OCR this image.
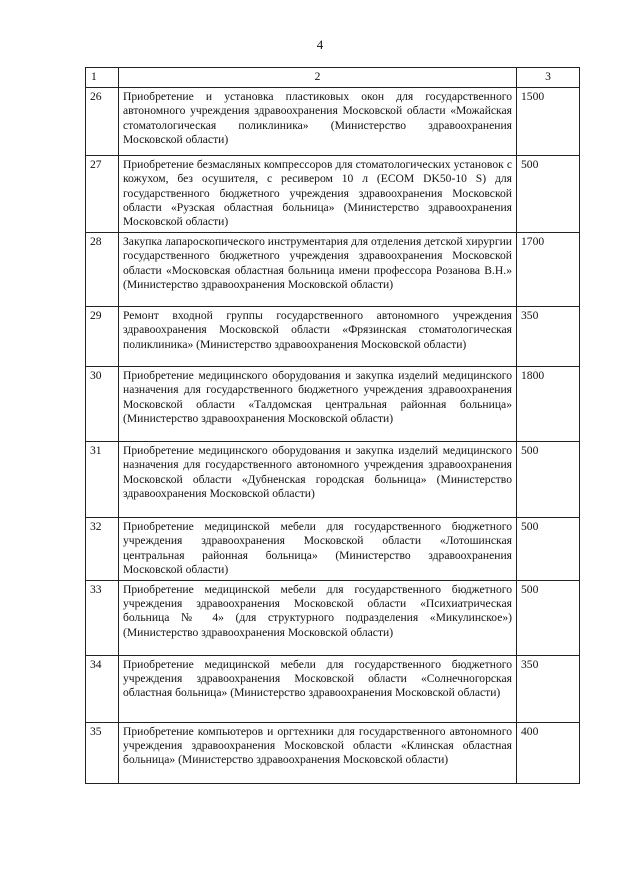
4
1	2	3
26	Приобретение и установка пластиковых окон для государственного автономного учреждения здравоохранения Московской области «Можайская стоматологическая поликлиника» (Министерство здравоохранения Московской области)	1500
27	Приобретение безмасляных компрессоров для стоматологических установок с кожухом, без осушителя, с ресивером 10 л (ECOM DK50-10 S) для государственного бюджетного учреждения здравоохранения Московской области «Рузская областная больница» (Министерство здравоохранения Московской области)	500
28	Закупка лапароскопического инструментария для отделения детской хирургии государственного бюджетного учреждения здравоохранения Московской области «Московская областная больница имени профессора Розанова В.Н.» (Министерство здравоохранения Московской области)	1700
29	Ремонт входной группы государственного автономного учреждения здравоохранения Московской области «Фрязинская стоматологическая поликлиника» (Министерство здравоохранения Московской области)	350
30	Приобретение медицинского оборудования и закупка изделий медицинского назначения для государственного бюджетного учреждения здравоохранения Московской области «Талдомская центральная районная больница» (Министерство здравоохранения Московской области)	1800
31	Приобретение медицинского оборудования и закупка изделий медицинского назначения для государственного автономного учреждения здравоохранения Московской области «Дубненская городская больница» (Министерство здравоохранения Московской области)	500
32	Приобретение медицинской мебели для государственного бюджетного учреждения здравоохранения Московской области «Лотошинская центральная районная больница» (Министерство здравоохранения Московской области)	500
33	Приобретение медицинской мебели для государственного бюджетного учреждения здравоохранения Московской области «Психиатрическая больница № 4» (для структурного подразделения «Микулинское») (Министерство здравоохранения Московской области)	500
34	Приобретение медицинской мебели для государственного бюджетного учреждения здравоохранения Московской области «Солнечногорская областная больница» (Министерство здравоохранения Московской области)	350
35	Приобретение компьютеров и оргтехники для государственного автономного учреждения здравоохранения Московской области «Клинская областная больница» (Министерство здравоохранения Московской области)	400
